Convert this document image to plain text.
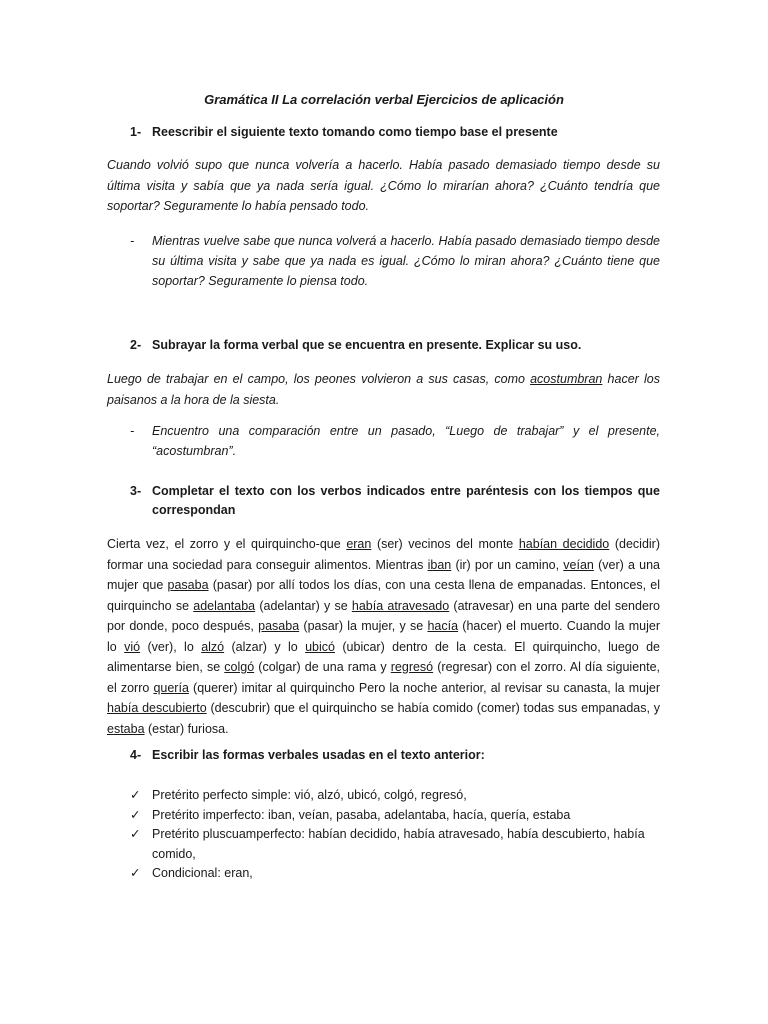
Gramática II La correlación verbal Ejercicios de aplicación
1- Reescribir el siguiente texto tomando como tiempo base el presente
Cuando volvió supo que nunca volvería a hacerlo. Había pasado demasiado tiempo desde su última visita y sabía que ya nada sería igual. ¿Cómo lo mirarían ahora? ¿Cuánto tendría que soportar? Seguramente lo había pensado todo.
-	Mientras vuelve sabe que nunca volverá a hacerlo. Había pasado demasiado tiempo desde su última visita y sabe que ya nada es igual. ¿Cómo lo miran ahora? ¿Cuánto tiene que soportar? Seguramente lo piensa todo.
2- Subrayar la forma verbal que se encuentra en presente. Explicar su uso.
Luego de trabajar en el campo, los peones volvieron a sus casas, como acostumbran hacer los paisanos a la hora de la siesta.
-	Encuentro una comparación entre un pasado, “Luego de trabajar” y el presente, “acostumbran”.
3- Completar el texto con los verbos indicados entre paréntesis con los tiempos que correspondan
Cierta vez, el zorro y el quirquincho-que eran (ser) vecinos del monte habían decidido (decidir) formar una sociedad para conseguir alimentos. Mientras iban (ir) por un camino, veían (ver) a una mujer que pasaba (pasar) por allí todos los días, con una cesta llena de empanadas. Entonces, el quirquincho se adelantaba (adelantar) y se había atravesado (atravesar) en una parte del sendero por donde, poco después, pasaba (pasar) la mujer, y se hacía (hacer) el muerto. Cuando la mujer lo vió (ver), lo alzó (alzar) y lo ubicó (ubicar) dentro de la cesta. El quirquincho, luego de alimentarse bien, se colgó (colgar) de una rama y regresó (regresar) con el zorro. Al día siguiente, el zorro quería (querer) imitar al quirquincho Pero la noche anterior, al revisar su canasta, la mujer había descubierto (descubrir) que el quirquincho se había comido (comer) todas sus empanadas, y estaba (estar) furiosa.
4- Escribir las formas verbales usadas en el texto anterior:
✓ Pretérito perfecto simple: vió, alzó, ubicó, colgó, regresó,
✓ Pretérito imperfecto: iban, veían, pasaba, adelantaba, hacía, quería, estaba
✓ Pretérito pluscuamperfecto: habían decidido, había atravesado, había descubierto, había comido,
✓ Condicional: eran,
